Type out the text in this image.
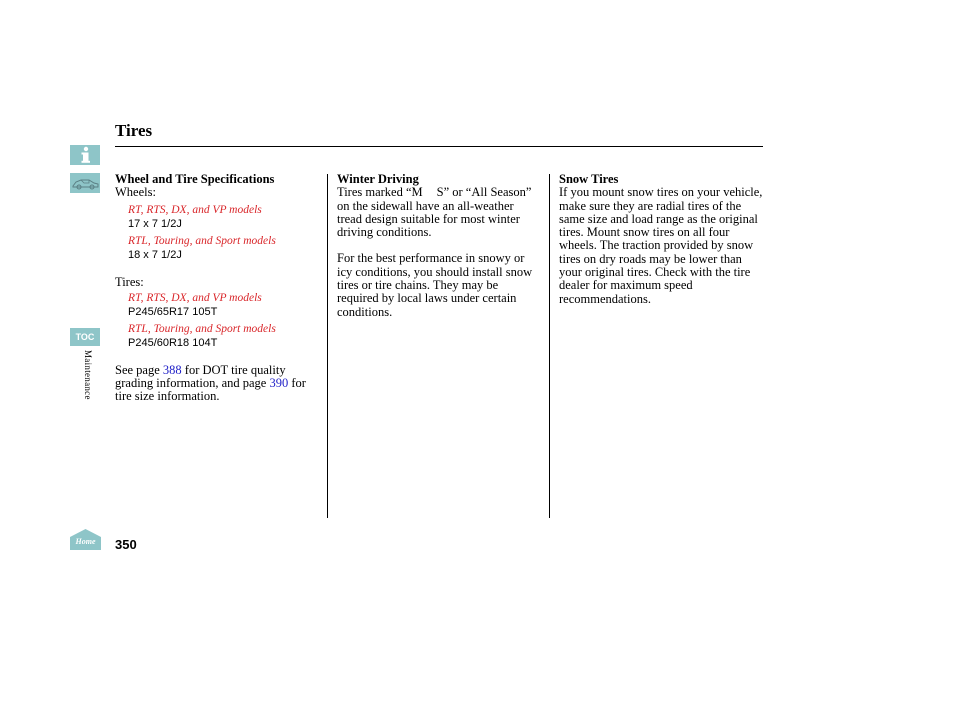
Tires
TOC
Maintenance
Home 350

Wheel and Tire Specifications

Wheels:

RT, RTS, DX, and VP models

17 x 7 1/2J

RTL, Touring, and Sport models

18 x 7 1/2J

Tires:

RT, RTS, DX, and VP models

P245/65R17 105T

RTL, Touring, and Sport models

P245/60R18 104T

See page 388 for DOT tire quality grading information, and page 390 for tire size information.

Winter Driving

Tires marked “M S” or “All Season” on the sidewall have an all-weather tread design suitable for most winter driving conditions.

For the best performance in snowy or icy conditions, you should install snow tires or tire chains. They may be required by local laws under certain conditions.

Snow Tires

If you mount snow tires on your vehicle, make sure they are radial tires of the same size and load range as the original tires. Mount snow tires on all four wheels. The traction provided by snow tires on dry roads may be lower than your original tires. Check with the tire dealer for maximum speed recommendations.
